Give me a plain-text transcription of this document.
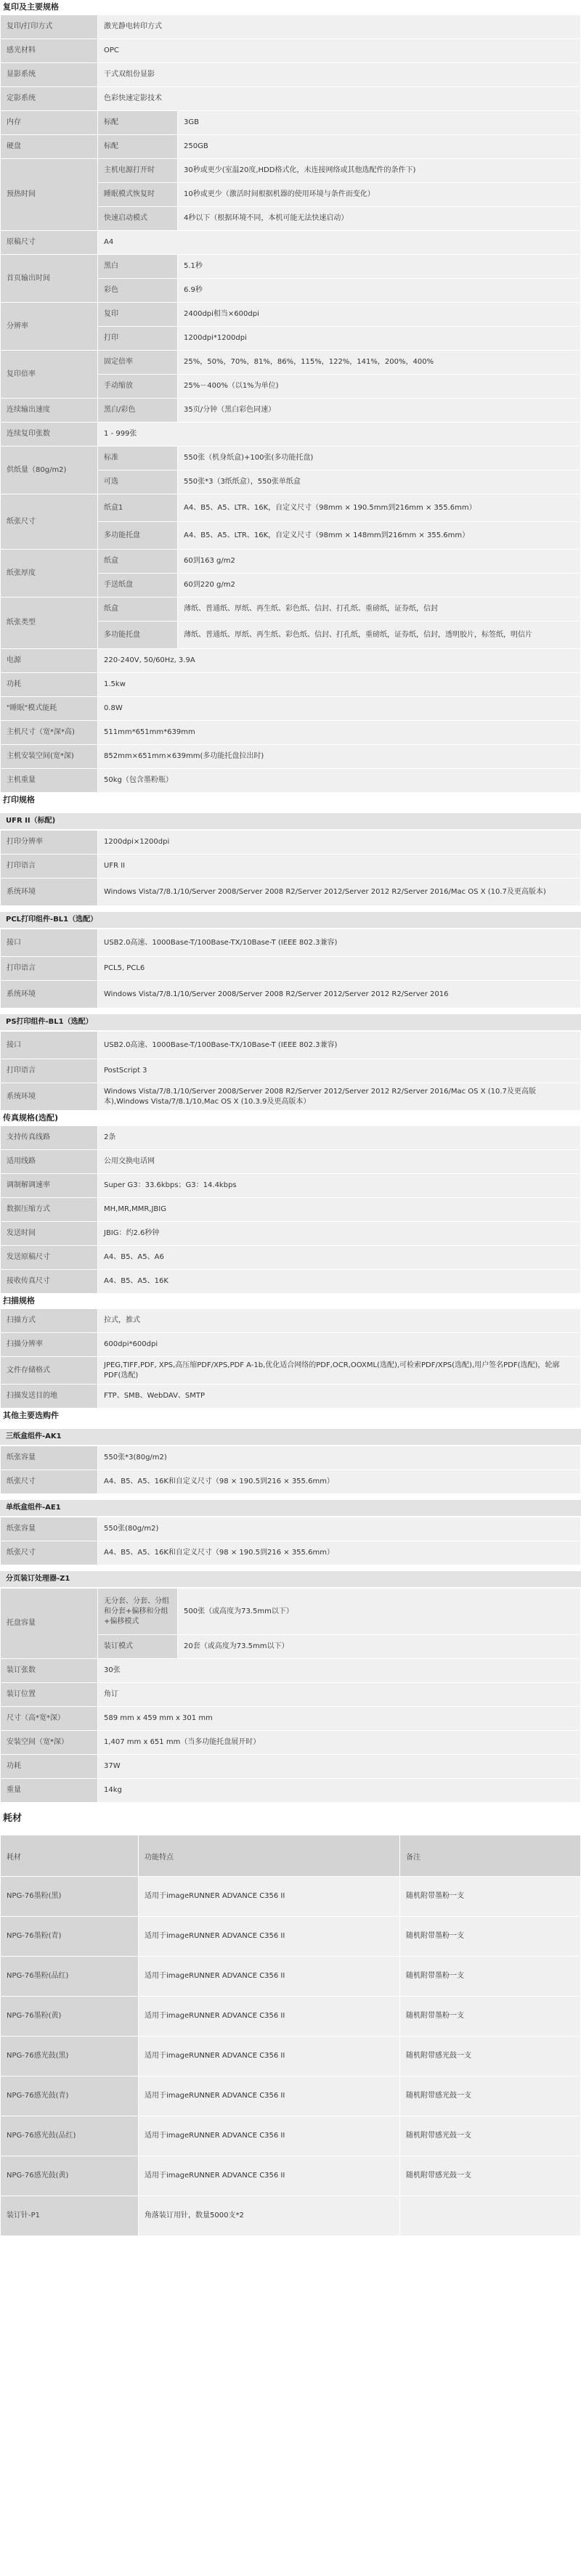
复印及主要规格
复印/打印方式	激光静电转印方式	
感光材料	OPC	
显影系统	干式双组份显影	
定影系统	色彩快速定影技术	
内存	标配	3GB
硬盘	标配	250GB
预热时间	主机电源打开时	30秒或更少(室温20度,HDD格式化，未连接网络或其他选配件的条件下)
	睡眠模式恢复时	10秒或更少（激活时间根据机器的使用环境与条件而变化）
	快速启动模式	4秒以下（根据环境不同，本机可能无法快速启动）
原稿尺寸	A4	
首页输出时间	黑白	5.1秒
	彩色	6.9秒
分辨率	复印	2400dpi相当×600dpi
	打印	1200dpi*1200dpi
复印倍率	固定倍率	25%，50%，70%，81%，86%，115%，122%，141%，200%，400%
	手动缩放	25%－400%（以1%为单位)
连续输出速度	黑白/彩色	35页/分钟（黑白彩色同速）
连续复印张数	1 - 999张	
供纸量（80g/m2)	标准	550张（机身纸盒)+100张(多功能托盘)
	可选	550张*3（3纸纸盒），550张单纸盒
纸张尺寸	纸盒1	A4、B5、A5、LTR、16K，自定义尺寸（98mm × 190.5mm到216mm × 355.6mm）
	多功能托盘	A4、B5、A5、LTR、16K，自定义尺寸（98mm × 148mm到216mm × 355.6mm）
纸张厚度	纸盒	60到163 g/m2
	手送纸盘	60到220 g/m2
纸张类型	纸盒	薄纸、普通纸、厚纸、再生纸、彩色纸、信封、打孔纸、重磅纸，证券纸，信封
	多功能托盘	薄纸、普通纸、厚纸、再生纸、彩色纸、信封、打孔纸，重磅纸，证券纸，信封，透明胶片，标签纸，明信片
电源	220-240V, 50/60Hz, 3.9A	
功耗	1.5kw	
"睡眠"模式能耗	0.8W	
主机尺寸（宽*深*高)	511mm*651mm*639mm	
主机安装空间(宽*深)	852mm×651mm×639mm(多功能托盘拉出时)	
主机重量	50kg（包含墨粉瓶）	
打印规格
UFR II（标配)
打印分辨率	1200dpi×1200dpi
打印语言	UFR II
系统环境	Windows Vista/7/8.1/10/Server 2008/Server 2008 R2/Server 2012/Server 2012 R2/Server 2016/Mac OS X (10.7及更高版本)
PCL打印组件-BL1（选配）
接口	USB2.0高速、1000Base-T/100Base-TX/10Base-T (IEEE 802.3兼容)
打印语言	PCL5, PCL6
系统环境	Windows Vista/7/8.1/10/Server 2008/Server 2008 R2/Server 2012/Server 2012 R2/Server 2016
PS打印组件-BL1（选配）
接口	USB2.0高速、1000Base-T/100Base-TX/10Base-T (IEEE 802.3兼容)
打印语言	PostScript 3
系统环境	Windows Vista/7/8.1/10/Server 2008/Server 2008 R2/Server 2012/Server 2012 R2/Server 2016/Mac OS X (10.7及更高版本),Windows Vista/7/8.1/10,Mac OS X (10.3.9及更高版本）
传真规格(选配)
支持传真线路	2条
适用线路	公用交换电话网
调制解调速率	Super G3：33.6kbps；G3：14.4kbps
数据压缩方式	MH,MR,MMR,JBIG
发送时间	JBIG：约2.6秒钟
发送原稿尺寸	A4、B5、A5、A6
接收传真尺寸	A4、B5、A5、16K
扫描规格
扫描方式	拉式，推式
扫描分辨率	600dpi*600dpi
文件存储格式	JPEG,TIFF,PDF, XPS,高压缩PDF/XPS,PDF A-1b,优化适合网络的PDF,OCR,OOXML(选配),可检索PDF/XPS(选配),用户签名PDF(选配)，轮廓PDF(选配)
扫描发送目的地	FTP、SMB、WebDAV、SMTP
其他主要选购件
三纸盒组件-AK1
纸张容量	550张*3(80g/m2)
纸张尺寸	A4、B5、A5、16K和自定义尺寸（98 × 190.5到216 × 355.6mm）
单纸盒组件-AE1
纸张容量	550张(80g/m2)
纸张尺寸	A4、B5、A5、16K和自定义尺寸（98 × 190.5到216 × 355.6mm）
分页装订处理器-Z1
托盘容量	无分套、分套、分组和分套+偏移和分组+偏移模式	500张（或高度为73.5mm以下）
	装订模式	20套（或高度为73.5mm以下）
装订张数	30张	
装订位置	角订	
尺寸（高*宽*深）	589 mm x 459 mm x 301 mm	
安装空间（宽*深）	1,407 mm x 651 mm（当多功能托盘展开时）	
功耗	37W	
重量	14kg	
耗材
耗材	功能特点	备注
NPG-76墨粉(黑)	适用于imageRUNNER ADVANCE C356 II	随机附带墨粉一支
NPG-76墨粉(青)	适用于imageRUNNER ADVANCE C356 II	随机附带墨粉一支
NPG-76墨粉(品红)	适用于imageRUNNER ADVANCE C356 II	随机附带墨粉一支
NPG-76墨粉(黄)	适用于imageRUNNER ADVANCE C356 II	随机附带墨粉一支
NPG-76感光鼓(黑)	适用于imageRUNNER ADVANCE C356 II	随机附带感光鼓一支
NPG-76感光鼓(青)	适用于imageRUNNER ADVANCE C356 II	随机附带感光鼓一支
NPG-76感光鼓(品红)	适用于imageRUNNER ADVANCE C356 II	随机附带感光鼓一支
NPG-76感光鼓(黄)	适用于imageRUNNER ADVANCE C356 II	随机附带感光鼓一支
装订针-P1	角落装订用针，数量5000支*2	
